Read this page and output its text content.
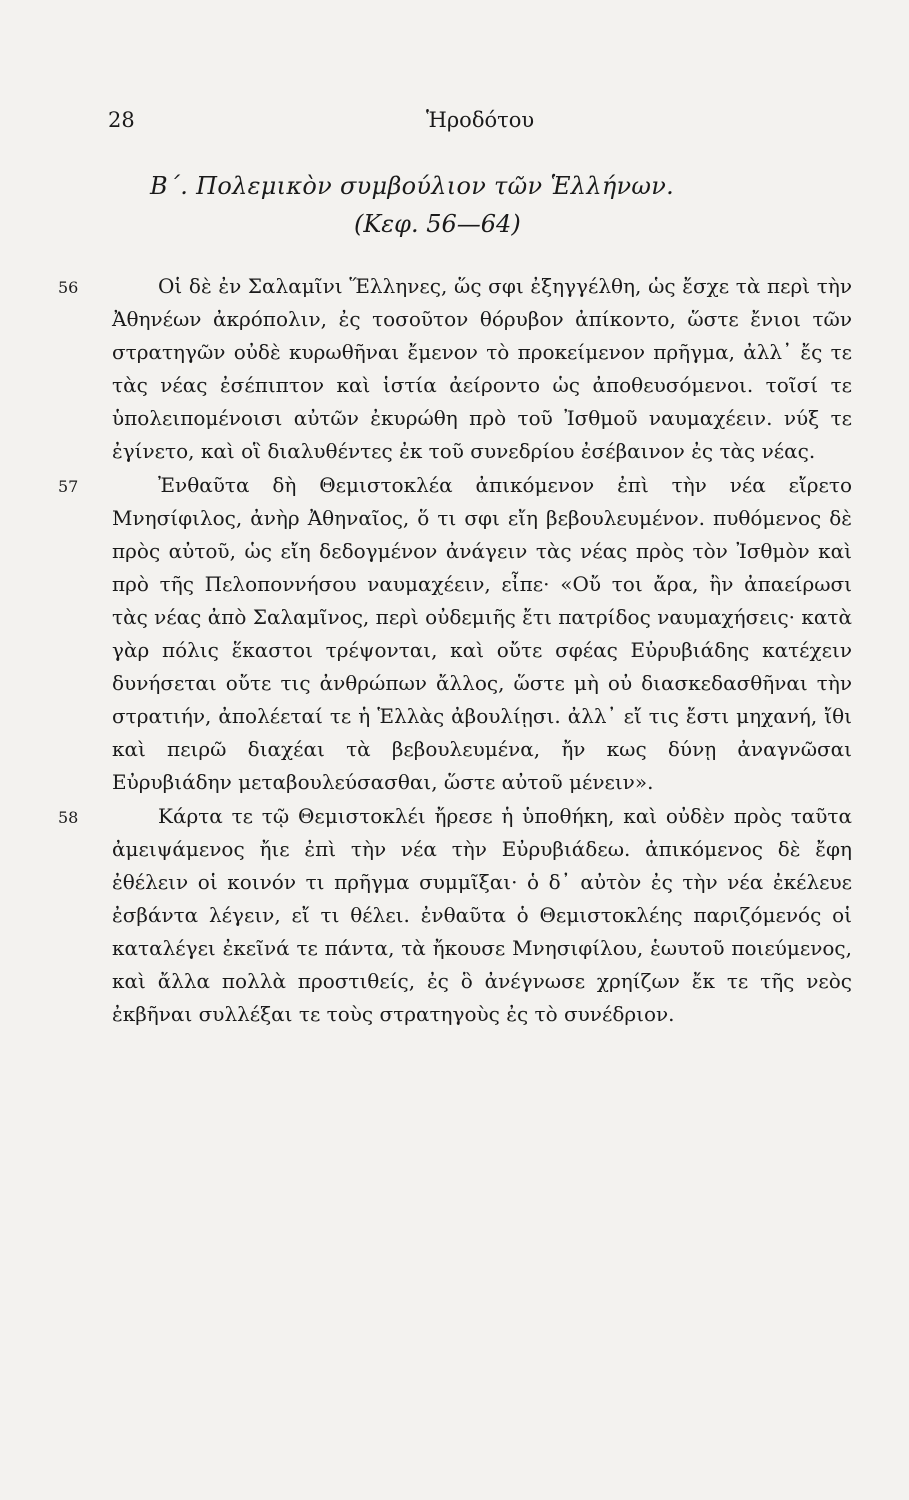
28	Ἡροδότου
Β΄. Πολεμικὸν συμβούλιον τῶν Ἑλλήνων.
(Κεφ. 56—64)

56	Οἱ δὲ ἐν Σαλαμῖνι Ἕλληνες, ὥς σφι ἐξηγγέλθη, ὡς ἔσχε τὰ περὶ τὴν Ἀθηνέων ἀκρόπολιν, ἐς τοσοῦτον θόρυβον ἀπίκοντο, ὥστε ἔνιοι τῶν στρατηγῶν οὐδὲ κυρωθῆναι ἔμενον τὸ προκείμενον πρῆγμα, ἀλλ᾽ ἔς τε τὰς νέας ἐσέπιπτον καὶ ἱστία ἀείροντο ὡς ἀποθευσόμενοι. τοῖσί τε ὑπολειπομένοισι αὐτῶν ἐκυρώθη πρὸ τοῦ Ἰσθμοῦ ναυμαχέειν. νύξ τε ἐγίνετο, καὶ οἳ διαλυθέντες ἐκ τοῦ συνεδρίου ἐσέβαινον ἐς τὰς νέας.

57	Ἐνθαῦτα δὴ Θεμιστοκλέα ἀπικόμενον ἐπὶ τὴν νέα εἴρετο Μνησίφιλος, ἀνὴρ Ἀθηναῖος, ὅ τι σφι εἴη βεβουλευμένον. πυθόμενος δὲ πρὸς αὐτοῦ, ὡς εἴη δεδογμένον ἀνάγειν τὰς νέας πρὸς τὸν Ἰσθμὸν καὶ πρὸ τῆς Πελοποννήσου ναυμαχέειν, εἶπε· «Οὔ τοι ἄρα, ἢν ἀπαείρωσι τὰς νέας ἀπὸ Σαλαμῖνος, περὶ οὐδεμιῆς ἔτι πατρίδος ναυμαχήσεις· κατὰ γὰρ πόλις ἕκαστοι τρέψονται, καὶ οὔτε σφέας Εὐρυβιάδης κατέχειν δυνήσεται οὔτε τις ἀνθρώπων ἄλλος, ὥστε μὴ οὐ διασκεδασθῆναι τὴν στρατιήν, ἀπολέεταί τε ἡ Ἑλλὰς ἀβουλίῃσι. ἀλλ᾽ εἴ τις ἔστι μηχανή, ἴθι καὶ πειρῶ διαχέαι τὰ βεβουλευμένα, ἤν κως δύνῃ ἀναγνῶσαι Εὐρυβιάδην μεταβουλεύσασθαι, ὥστε αὐτοῦ μένειν».

58	Κάρτα τε τῷ Θεμιστοκλέι ἤρεσε ἡ ὑποθήκη, καὶ οὐδὲν πρὸς ταῦτα ἀμειψάμενος ἤιε ἐπὶ τὴν νέα τὴν Εὐρυβιάδεω. ἀπικόμενος δὲ ἔφη ἐθέλειν οἱ κοινόν τι πρῆγμα συμμῖξαι· ὁ δ᾽ αὐτὸν ἐς τὴν νέα ἐκέλευε ἐσβάντα λέγειν, εἴ τι θέλει. ἐνθαῦτα ὁ Θεμιστοκλέης παριζόμενός οἱ καταλέγει ἐκεῖνά τε πάντα, τὰ ἤκουσε Μνησιφίλου, ἑωυτοῦ ποιεύμενος, καὶ ἄλλα πολλὰ προστιθείς, ἐς ὃ ἀνέγνωσε χρηίζων ἔκ τε τῆς νεὸς ἐκβῆναι συλλέξαι τε τοὺς στρατηγοὺς ἐς τὸ συνέδριον.
